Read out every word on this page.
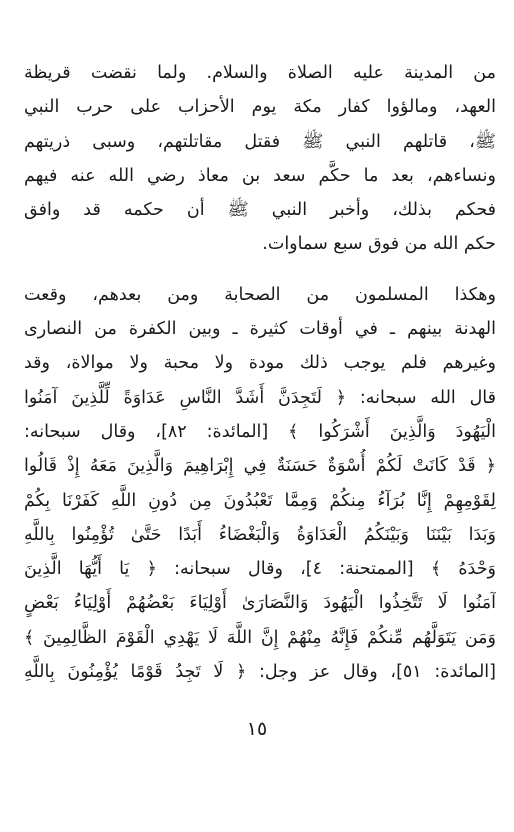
من المدينة عليه الصلاة والسلام. ولما نقضت قريظة
العهد، ومالؤوا كفار مكة يوم الأحزاب على حرب النبي
ﷺ، قاتلهم النبي ﷺ فقتل مقاتلتهم، وسبى ذريتهم
ونساءهم، بعد ما حكَّم سعد بن معاذ رضي الله عنه فيهم
فحكم بذلك، وأخبر النبي ﷺ أن حكمه قد وافق
حكم الله من فوق سبع سماوات.
وهكذا المسلمون من الصحابة ومن بعدهم، وقعت
الهدنة بينهم ـ في أوقات كثيرة ـ وبين الكفرة من النصارى
وغيرهم فلم يوجب ذلك مودة ولا محبة ولا موالاة، وقد
قال الله سبحانه: ﴿ لَتَجِدَنَّ أَشَدَّ النَّاسِ عَدَاوَةً لِّلَّذِينَ آمَنُوا
الْيَهُودَ وَالَّذِينَ أَشْرَكُوا ﴾ [المائدة: ٨٢]، وقال سبحانه:
﴿ قَدْ كَانَتْ لَكُمْ أُسْوَةٌ حَسَنَةٌ فِي إِبْرَاهِيمَ وَالَّذِينَ مَعَهُ إِذْ قَالُوا
لِقَوْمِهِمْ إِنَّا بُرَآءُ مِنكُمْ وَمِمَّا تَعْبُدُونَ مِن دُونِ اللَّهِ كَفَرْنَا بِكُمْ
وَبَدَا بَيْنَنَا وَبَيْنَكُمُ الْعَدَاوَةُ وَالْبَغْضَاءُ أَبَدًا حَتَّىٰ تُؤْمِنُوا بِاللَّهِ
وَحْدَهُ ﴾ [الممتحنة: ٤]، وقال سبحانه: ﴿ يَا أَيُّهَا الَّذِينَ
آمَنُوا لَا تَتَّخِذُوا الْيَهُودَ وَالنَّصَارَىٰ أَوْلِيَاءَ بَعْضُهُمْ أَوْلِيَاءُ بَعْضٍ
وَمَن يَتَوَلَّهُم مِّنكُمْ فَإِنَّهُ مِنْهُمْ إِنَّ اللَّهَ لَا يَهْدِي الْقَوْمَ الظَّالِمِينَ ﴾
[المائدة: ٥١]، وقال عز وجل: ﴿ لَا تَجِدُ قَوْمًا يُؤْمِنُونَ بِاللَّهِ
١٥
